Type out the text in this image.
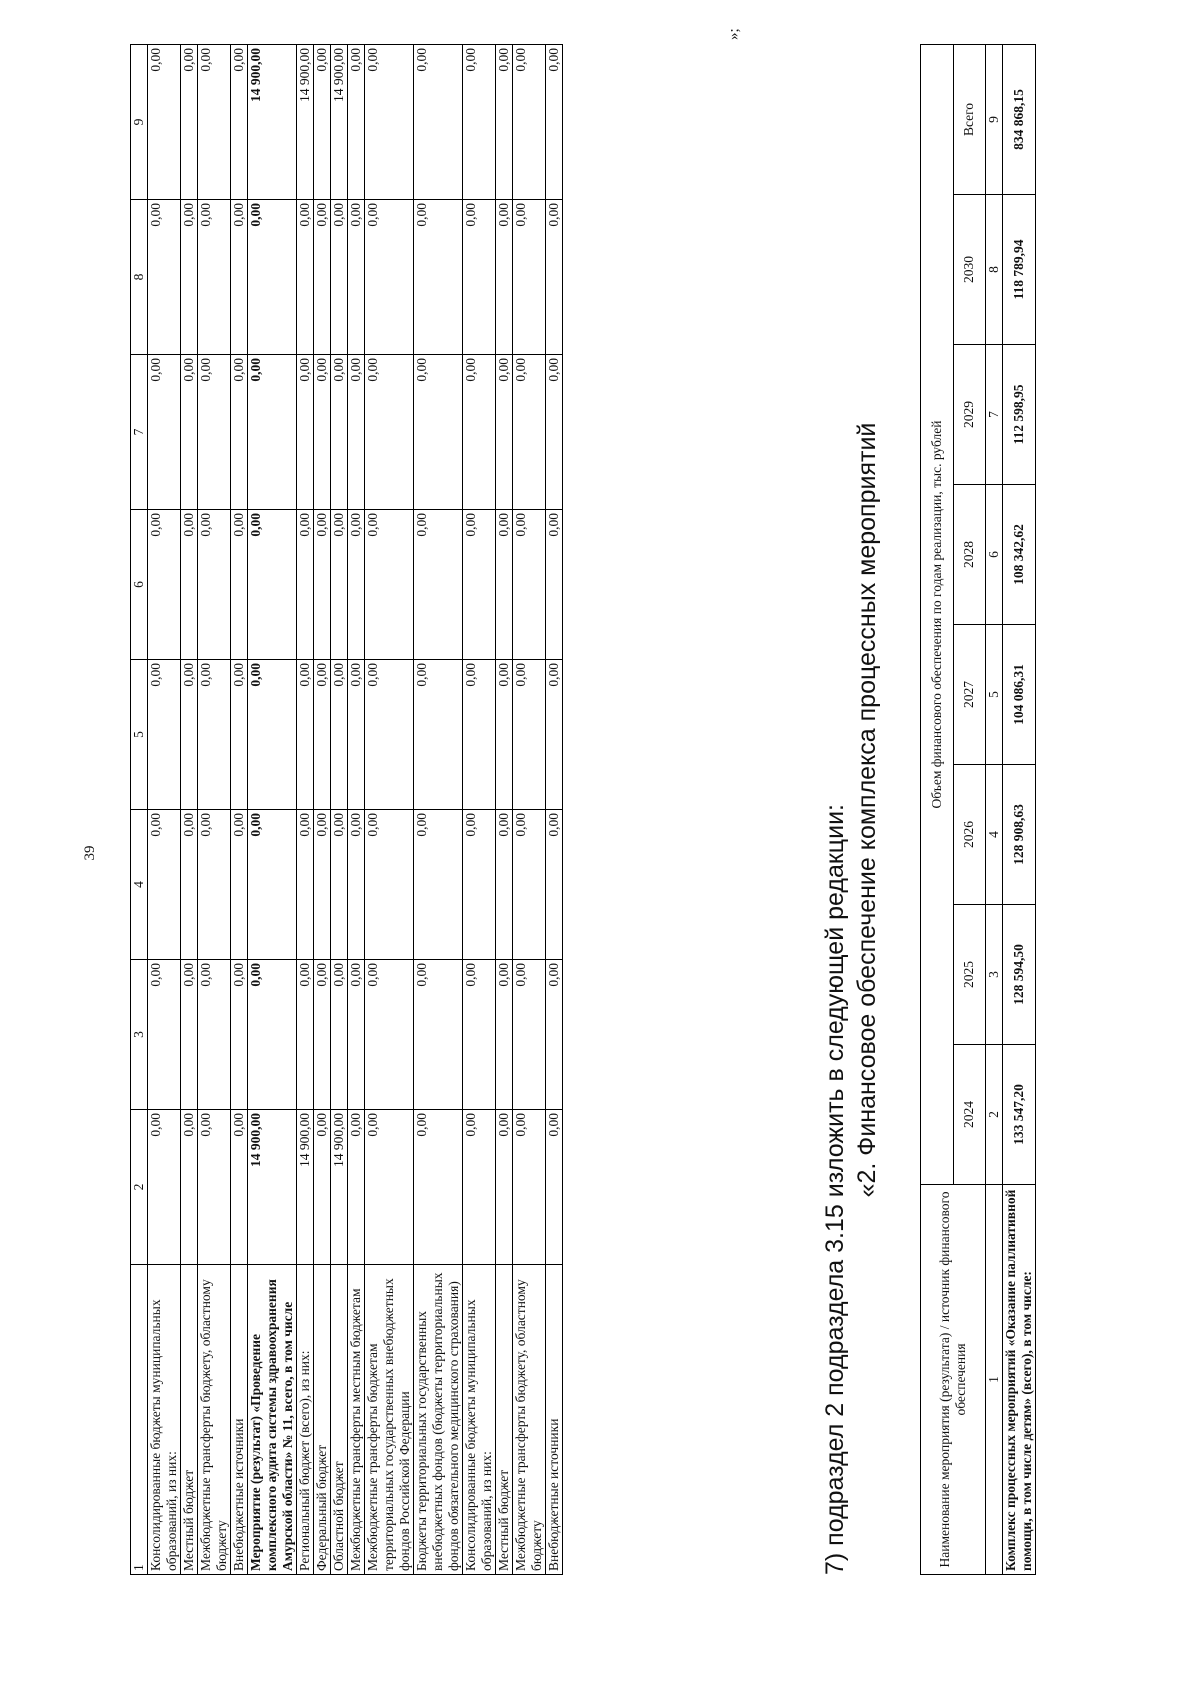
39
1	2	3	4	5	6	7	8	9
Консолидированные бюджеты муниципальных образований, из них:	0,00	0,00	0,00	0,00	0,00	0,00	0,00	0,00
Местный бюджет	0,00	0,00	0,00	0,00	0,00	0,00	0,00	0,00
Межбюджетные трансферты бюджету, областному бюджету	0,00	0,00	0,00	0,00	0,00	0,00	0,00	0,00
Внебюджетные источники	0,00	0,00	0,00	0,00	0,00	0,00	0,00	0,00
Мероприятие (результат) «Проведение комплексного аудита системы здравоохранения Амурской области» № 11, всего, в том числе	14 900,00	0,00	0,00	0,00	0,00	0,00	0,00	14 900,00
Региональный бюджет (всего), из них:	14 900,00	0,00	0,00	0,00	0,00	0,00	0,00	14 900,00
Федеральный бюджет	0,00	0,00	0,00	0,00	0,00	0,00	0,00	0,00
Областной бюджет	14 900,00	0,00	0,00	0,00	0,00	0,00	0,00	14 900,00
Межбюджетные трансферты местным бюджетам	0,00	0,00	0,00	0,00	0,00	0,00	0,00	0,00
Межбюджетные трансферты бюджетам территориальных государственных внебюджетных фондов Российской Федерации	0,00	0,00	0,00	0,00	0,00	0,00	0,00	0,00
Бюджеты территориальных государственных внебюджетных фондов (бюджеты территориальных фондов обязательного медицинского страхования)	0,00	0,00	0,00	0,00	0,00	0,00	0,00	0,00
Консолидированные бюджеты муниципальных образований, из них:	0,00	0,00	0,00	0,00	0,00	0,00	0,00	0,00
Местный бюджет	0,00	0,00	0,00	0,00	0,00	0,00	0,00	0,00
Межбюджетные трансферты бюджету, областному бюджету	0,00	0,00	0,00	0,00	0,00	0,00	0,00	0,00
Внебюджетные источники	0,00	0,00	0,00	0,00	0,00	0,00	0,00	0,00
»;
7) подраздел 2 подраздела 3.15 изложить в следующей редакции: «2. Финансовое обеспечение комплекса процессных мероприятий
Наименование мероприятия (результата) / источник финансового обеспечения	Объем финансового обеспечения по годам реализации, тыс. рублей							
	2024	2025	2026	2027	2028	2029	2030	Всего
1	2	3	4	5	6	7	8	9
Комплекс процессных мероприятий «Оказание паллиативной помощи, в том числе детям» (всего), в том числе:	133 547,20	128 594,50	128 908,63	104 086,31	108 342,62	112 598,95	118 789,94	834 868,15
